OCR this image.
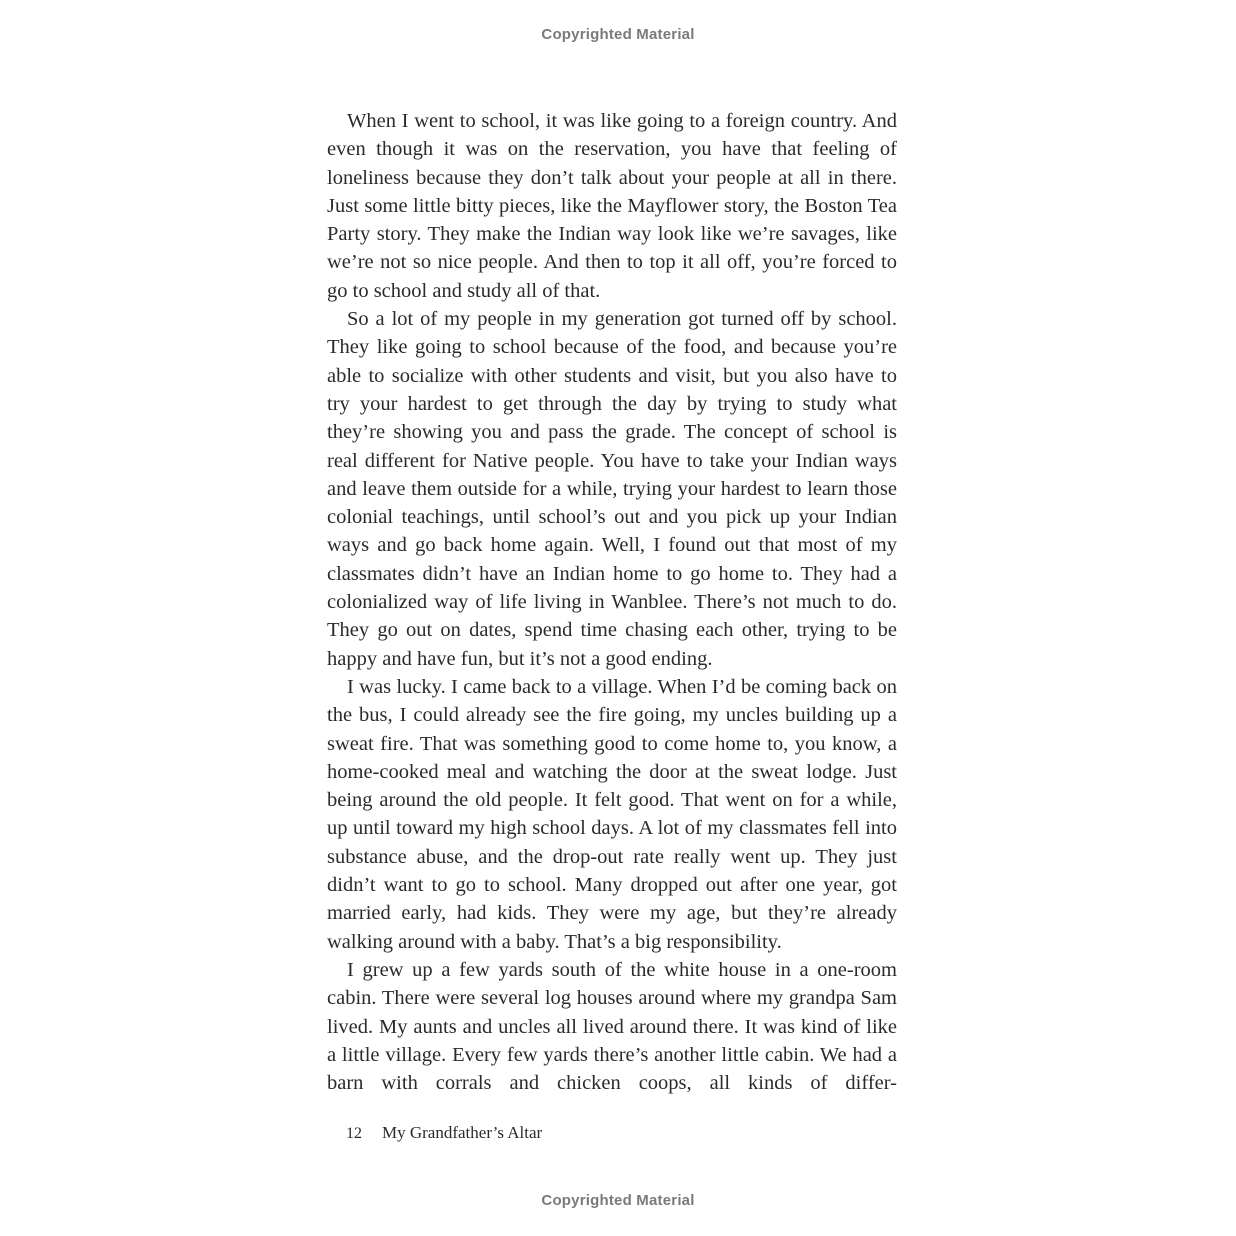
Copyrighted Material

When I went to school, it was like going to a foreign country. And even though it was on the reservation, you have that feeling of loneliness because they don’t talk about your people at all in there. Just some little bitty pieces, like the Mayflower story, the Boston Tea Party story. They make the Indian way look like we’re savages, like we’re not so nice people. And then to top it all off, you’re forced to go to school and study all of that.

So a lot of my people in my generation got turned off by school. They like going to school because of the food, and because you’re able to socialize with other students and visit, but you also have to try your hardest to get through the day by trying to study what they’re showing you and pass the grade. The concept of school is real different for Native people. You have to take your Indian ways and leave them outside for a while, trying your hardest to learn those colonial teachings, until school’s out and you pick up your Indian ways and go back home again. Well, I found out that most of my classmates didn’t have an Indian home to go home to. They had a colonialized way of life living in Wanblee. There’s not much to do. They go out on dates, spend time chasing each other, trying to be happy and have fun, but it’s not a good ending.

I was lucky. I came back to a village. When I’d be coming back on the bus, I could already see the fire going, my uncles building up a sweat fire. That was something good to come home to, you know, a home-cooked meal and watching the door at the sweat lodge. Just being around the old people. It felt good. That went on for a while, up until toward my high school days. A lot of my classmates fell into substance abuse, and the drop-out rate really went up. They just didn’t want to go to school. Many dropped out after one year, got married early, had kids. They were my age, but they’re already walking around with a baby. That’s a big responsibility.

I grew up a few yards south of the white house in a one-room cabin. There were several log houses around where my grandpa Sam lived. My aunts and uncles all lived around there. It was kind of like a little village. Every few yards there’s another little cabin. We had a barn with corrals and chicken coops, all kinds of differ-

12 My Grandfather’s Altar
Copyrighted Material
